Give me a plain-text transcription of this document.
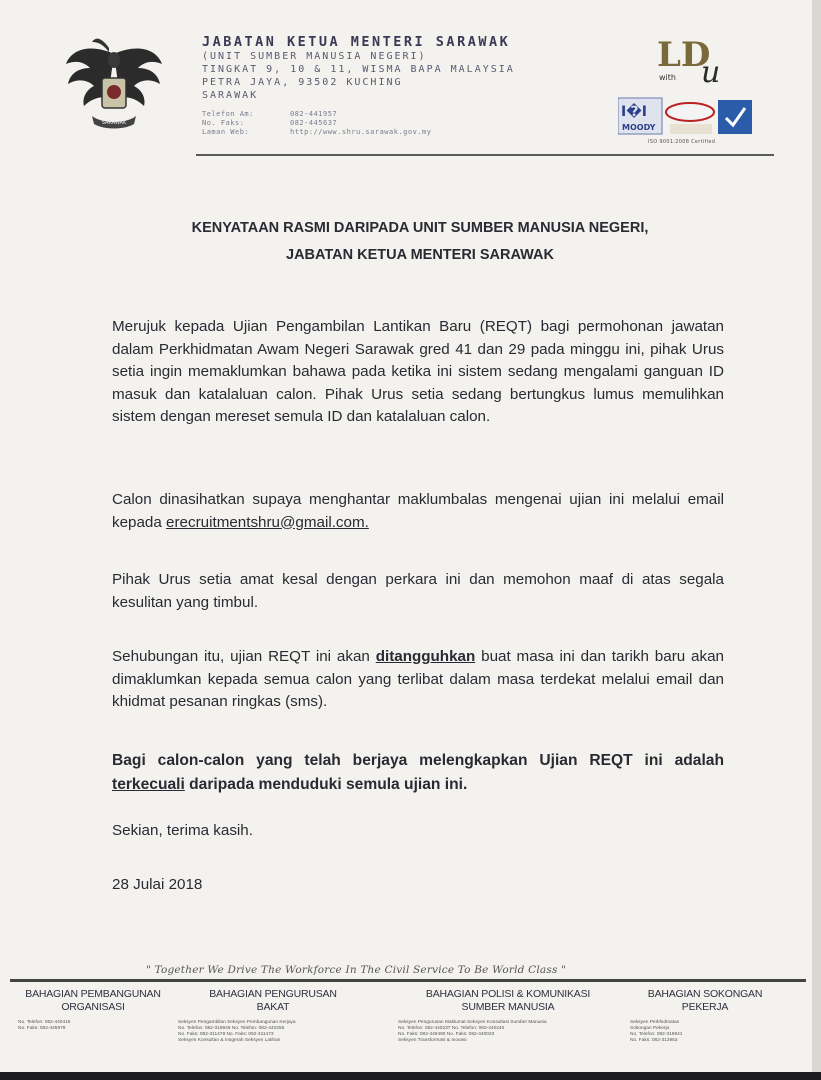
SARAWAK
JABATAN KETUA MENTERI SARAWAK
(UNIT SUMBER MANUSIA NEGERI)
TINGKAT 9, 10 & 11, WISMA BAPA MALAYSIA
PETRA JAYA, 93502 KUCHING
SARAWAK
Telefon Am:	082-441957
No. Faks:	082-445637
Laman Web:	http://www.shru.sarawak.gov.my
LD
u
with
I�I
MOODY
ISO 9001:2008 Certified
KENYATAAN RASMI DARIPADA UNIT SUMBER MANUSIA NEGERI,
JABATAN KETUA MENTERI SARAWAK
Merujuk kepada Ujian Pengambilan Lantikan Baru (REQT) bagi permohonan jawatan dalam Perkhidmatan Awam Negeri Sarawak gred 41 dan 29 pada minggu ini, pihak Urus setia ingin memaklumkan bahawa pada ketika ini sistem sedang mengalami ganguan ID masuk dan katalaluan calon. Pihak Urus setia sedang bertungkus lumus memulihkan sistem dengan mereset semula ID dan katalaluan calon.
Calon dinasihatkan supaya menghantar maklumbalas mengenai ujian ini melalui email kepada erecruitmentshru@gmail.com.
Pihak Urus setia amat kesal dengan perkara ini dan memohon maaf di atas segala kesulitan yang timbul.
Sehubungan itu, ujian REQT ini akan ditangguhkan buat masa ini dan tarikh baru akan dimaklumkan kepada semua calon yang terlibat dalam masa terdekat melalui email dan khidmat pesanan ringkas (sms).
Bagi calon-calon yang telah berjaya melengkapkan Ujian REQT ini adalah terkecuali daripada menduduki semula ujian ini.
Sekian, terima kasih.
28 Julai 2018
" Together We Drive The Workforce In The Civil Service To Be World Class "
BAHAGIAN PEMBANGUNAN
ORGANISASI
No. Telefon: 082-440415
No. Faks: 082-445979
BAHAGIAN PENGURUSAN
BAKAT
Seksyen Pengambilan Seksyen Pembangunan Kerjaya
No. Telefon: 082-319946 No. Telefon: 082-440255
No. Faks: 082-311478 No. Faks: 082-311473
Seksyen Konsultan & Insgerah Seksyen Latihan
BAHAGIAN POLISI & KOMUNIKASI
SUMBER MANUSIA
Seksyen Pengurusan Maklumat Seksyen Konsultasi Sumber Manusia
No. Telefon: 082-440237 No. Telefon: 082-440240
No. Faks: 082-449490 No. Faks: 082-440033
Seksyen Transformasi & Inovasi
BAHAGIAN SOKONGAN
PEKERJA
Seksyen Perkhidmatan
Sokongan Pekerja
No. Telefon: 082-319941
No. Faks: 082-313953
